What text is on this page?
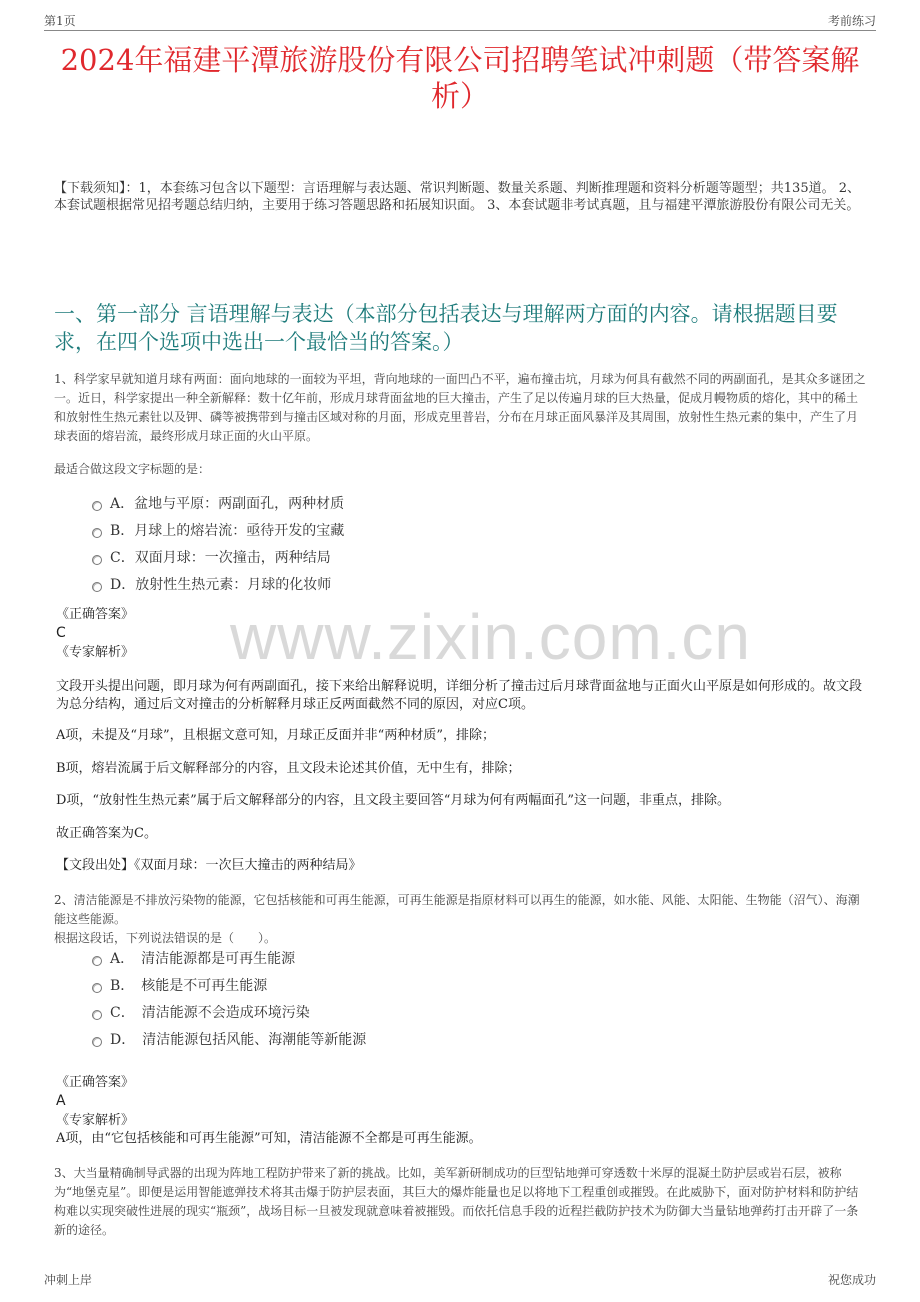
第1页	考前练习
2024年福建平潭旅游股份有限公司招聘笔试冲刺题（带答案解析）
【下载须知】：1，本套练习包含以下题型：言语理解与表达题、常识判断题、数量关系题、判断推理题和资料分析题等题型；共135道。 2、本套试题根据常见招考题总结归纳，主要用于练习答题思路和拓展知识面。 3、本套试题非考试真题，且与福建平潭旅游股份有限公司无关。
一、第一部分 言语理解与表达（本部分包括表达与理解两方面的内容。请根据题目要求，在四个选项中选出一个最恰当的答案。）
www.zixin.com.cn
1、科学家早就知道月球有两面：面向地球的一面较为平坦，背向地球的一面凹凸不平，遍布撞击坑，月球为何具有截然不同的两副面孔，是其众多谜团之一。近日，科学家提出一种全新解释：数十亿年前，形成月球背面盆地的巨大撞击，产生了足以传遍月球的巨大热量，促成月幔物质的熔化，其中的稀土和放射性生热元素钍以及钾、磷等被携带到与撞击区域对称的月面，形成克里普岩，分布在月球正面风暴洋及其周围，放射性生热元素的集中，产生了月球表面的熔岩流，最终形成月球正面的火山平原。
最适合做这段文字标题的是：
A．盆地与平原：两副面孔，两种材质
B．月球上的熔岩流：亟待开发的宝藏
C．双面月球：一次撞击，两种结局
D．放射性生热元素：月球的化妆师
《正确答案》
C
《专家解析》
文段开头提出问题，即月球为何有两副面孔，接下来给出解释说明，详细分析了撞击过后月球背面盆地与正面火山平原是如何形成的。故文段为总分结构，通过后文对撞击的分析解释月球正反两面截然不同的原因，对应C项。
A项，未提及“月球”，且根据文意可知，月球正反面并非“两种材质”，排除；
B项，熔岩流属于后文解释部分的内容，且文段未论述其价值，无中生有，排除；
D项，“放射性生热元素”属于后文解释部分的内容，且文段主要回答“月球为何有两幅面孔”这一问题，非重点，排除。
故正确答案为C。
【文段出处】《双面月球：一次巨大撞击的两种结局》
2、清洁能源是不排放污染物的能源，它包括核能和可再生能源，可再生能源是指原材料可以再生的能源，如水能、风能、太阳能、生物能（沼气）、海潮能这些能源。
根据这段话，下列说法错误的是（　　）。
A．　清洁能源都是可再生能源
B．　核能是不可再生能源
C．　清洁能源不会造成环境污染
D．　清洁能源包括风能、海潮能等新能源
《正确答案》
A
《专家解析》
A项，由“它包括核能和可再生能源”可知，清洁能源不全都是可再生能源。
3、大当量精确制导武器的出现为阵地工程防护带来了新的挑战。比如，美军新研制成功的巨型钻地弹可穿透数十米厚的混凝土防护层或岩石层，被称为“地堡克星”。即便是运用智能遮弹技术将其击爆于防护层表面，其巨大的爆炸能量也足以将地下工程重创或摧毁。在此威胁下，面对防护材料和防护结构难以实现突破性进展的现实“瓶颈”，战场目标一旦被发现就意味着被摧毁。而依托信息手段的近程拦截防护技术为防御大当量钻地弹药打击开辟了一条新的途径。
冲刺上岸	祝您成功
